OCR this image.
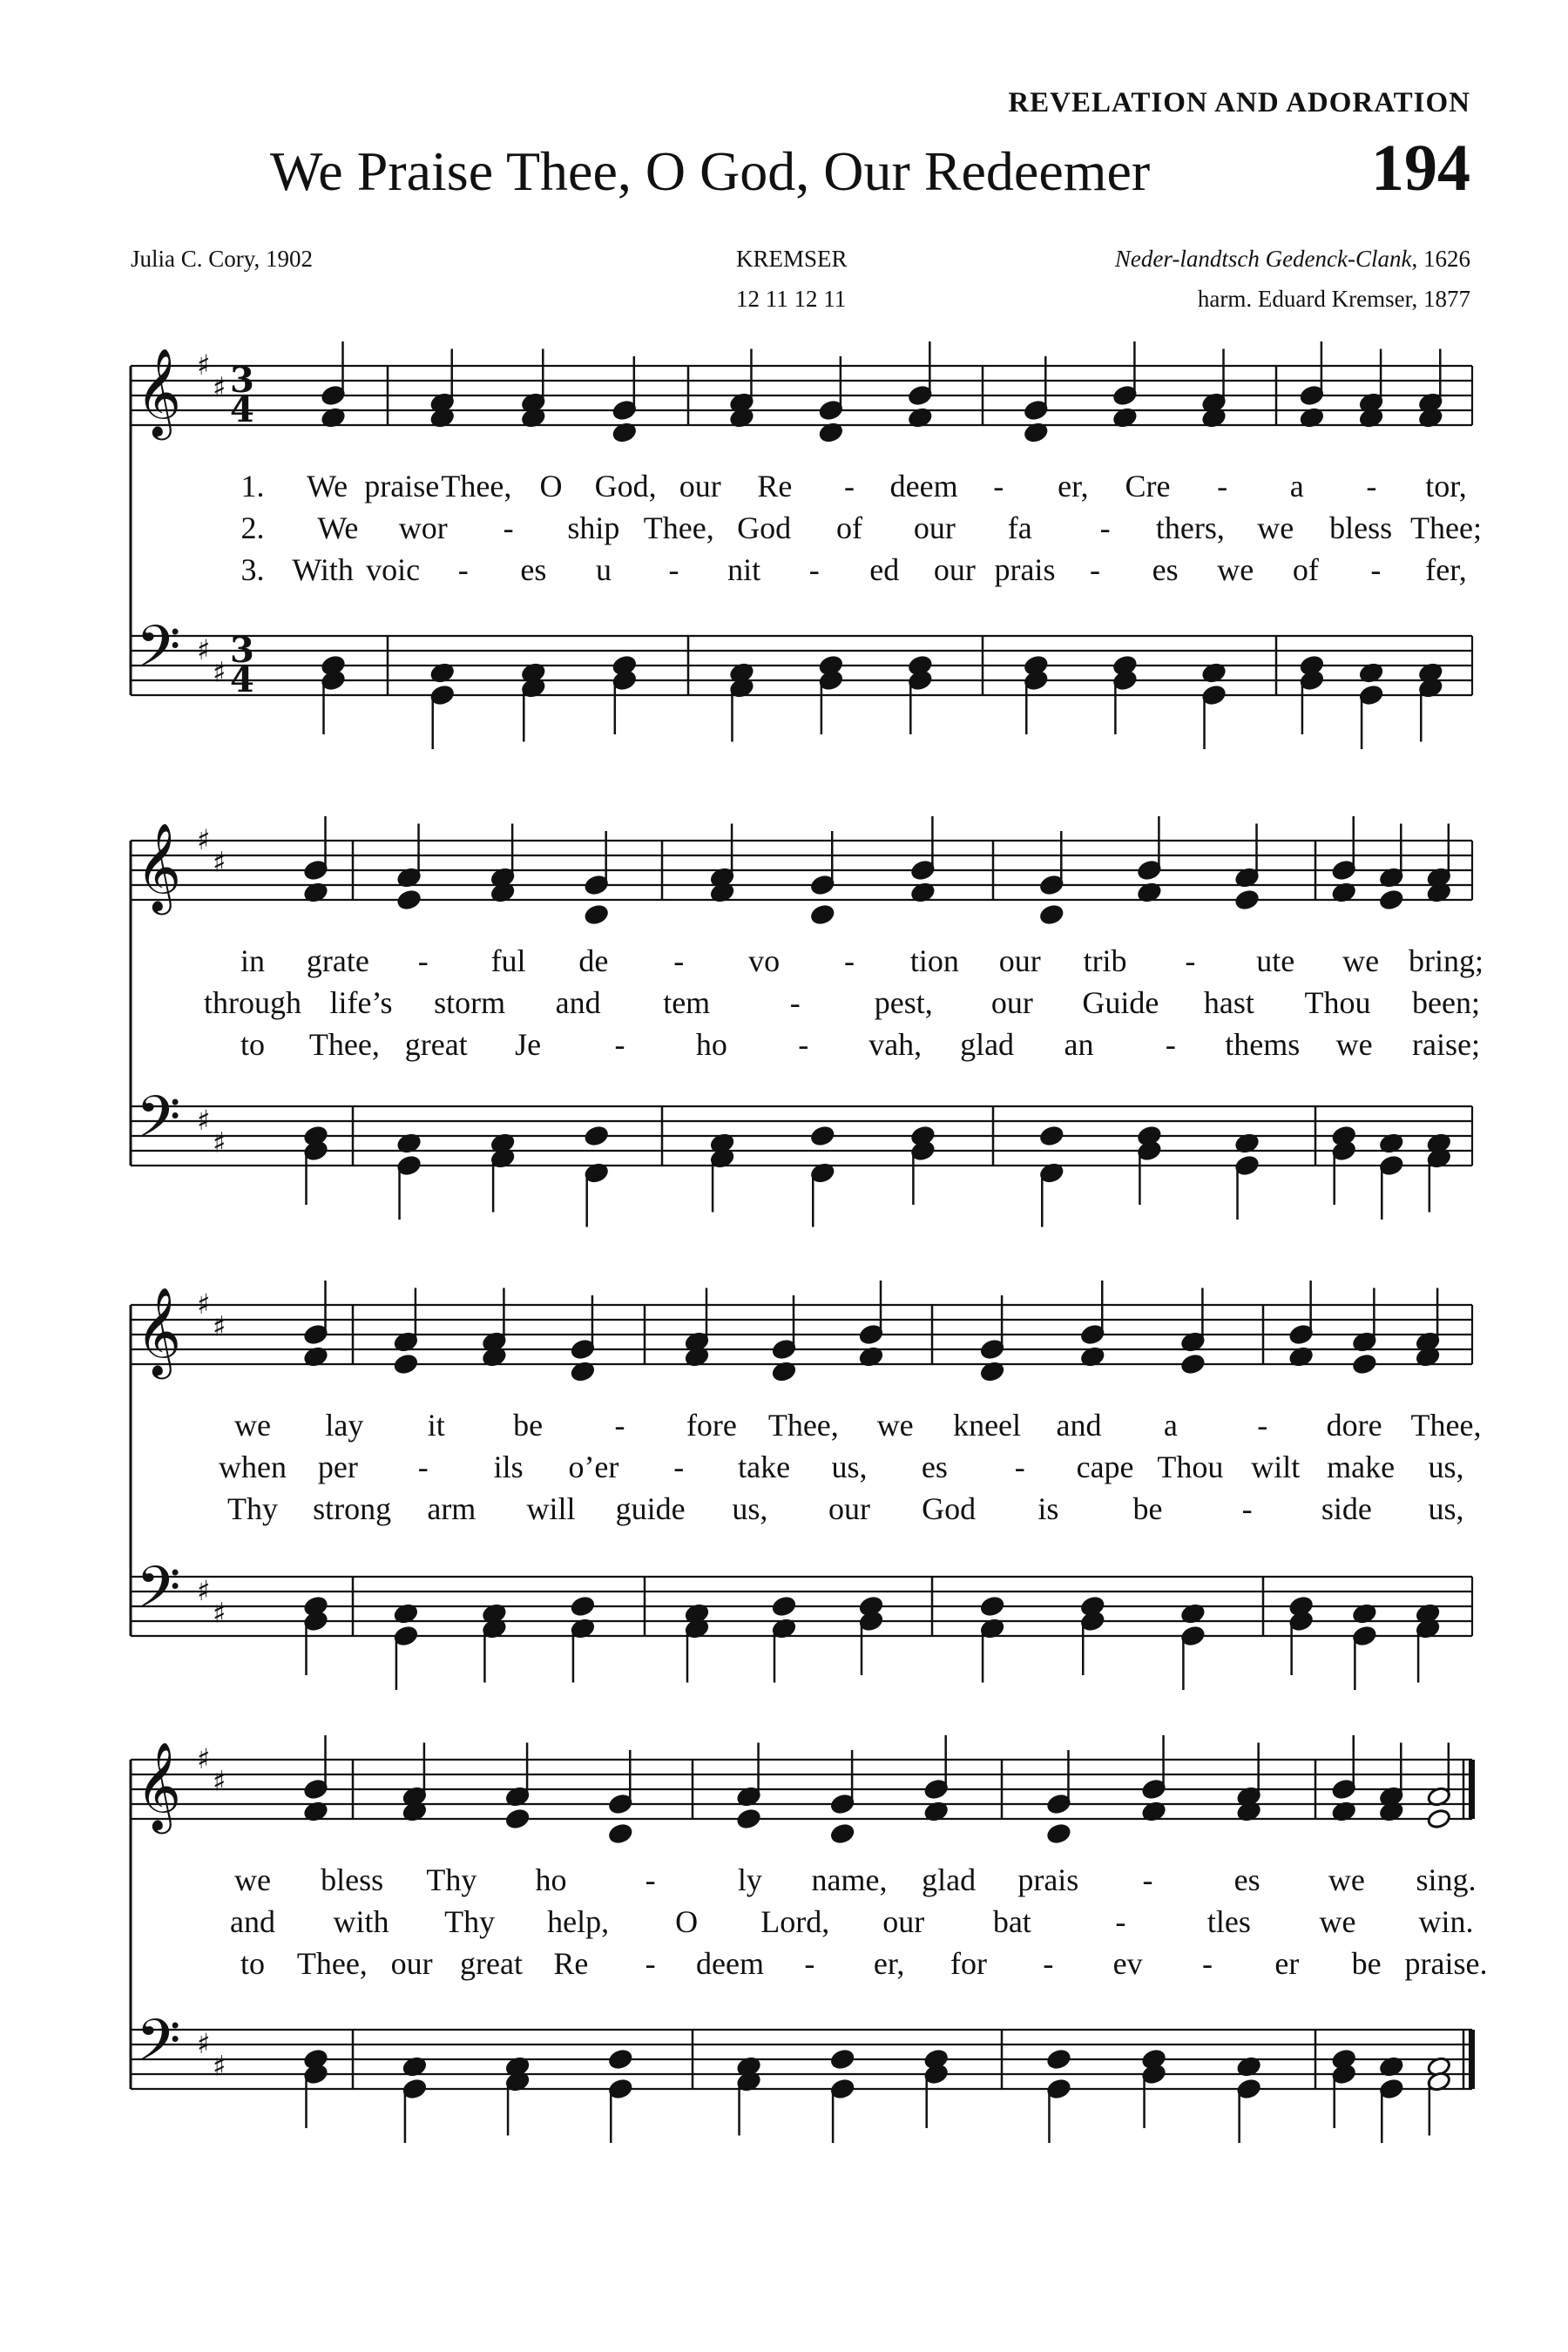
REVELATION AND ADORATION
We Praise Thee, O God, Our Redeemer	194
Julia C. Cory, 1902	KREMSER
12 11 12 11
Neder-landtsch Gedenck-Clank, 1626
harm. Eduard Kremser, 1877
𝄞
𝄢
♯
♯
♯
♯
3
3
4
4
1. We praise Thee, O God, our Re - deem - er, Cre - a - tor,
2. We wor - ship Thee, God of our fa - thers, we bless Thee;
3. With voic - es u - nit - ed our prais - es we of - fer,
𝄞
𝄢
♯
♯
♯
♯
in grate - ful de - vo - tion our trib - ute we bring;
through life’s storm and tem	- pest, our Guide hast Thou been;
to Thee, great Je - ho - vah, glad an - thems we raise;
𝄞
𝄢
♯
♯
♯
♯
we lay it be - fore Thee, we kneel and a	- dore Thee,
when per - ils o’er - take us, es - cape Thou wilt make us,
Thy strong arm will guide us, our God is be	- side us,
𝄞
𝄢
♯
♯
♯
♯
we bless Thy ho	-	ly name, glad prais -	es we sing.
and with Thy help, O Lord, our bat	-	tles we win.
to Thee, our great Re - deem - er, for - ev - er be praise.
